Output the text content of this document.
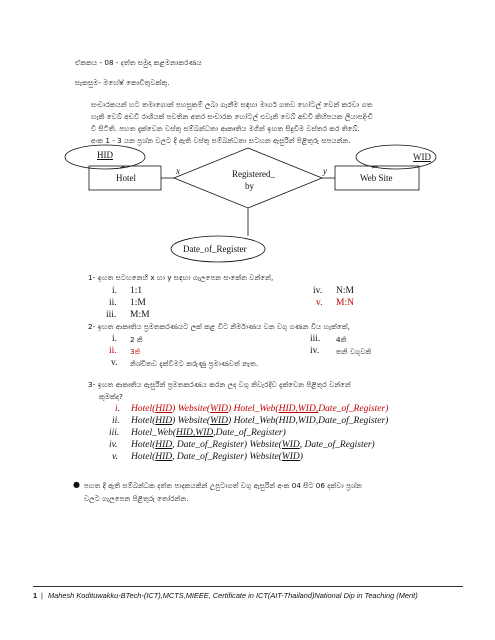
ඒකකය - 08 - දත්ත සමුදා කළමනාකරණය
සැකසුම- මහේෂ් කොඩිතුවක්කු.
සංචාරකයන් හට තමාගොන් පහසුකම් ලබා ගැනීම සඳහා මාර්ග ගතව හෝටල් වෙන් කරවා ගත
හැකි වෙබ් අඩවි රාශියක් පවතින අතර සංචාරක හෝටල් එවැනි වෙබ් අඩවි කිහිපයක ලියාපදිංචි
වී සිටිති. පහත දැක්වෙන වස්තු සම්බන්ධතා ආකෘතිය මගින් ඉහත සිදුවීම වස්තර කර තිබේ.
අංක 1 - 3 යන ප්‍රශ්න වලට දී ඇති වස්තු සම්බන්ධතා සටහන ඇසුරින් පිළිතුරු සපයන්න.
HID	WID
Hotel	Web Site
Registered_
by
x	y
Date_of_Register
1- ඉහත සටහනෙහි x හා y සඳහා ගැලපෙන සංකේත වන්නේ,
i. 1:1
ii. 1:M
iii. M:M
iv. N:M
v. M:N
2- ඉහත ආකෘතිය ප්‍රමතකරණයට ලක් කළ විට නිර්මාණය වන වගු ගණන විය හැක්කේ,
i. 2 කි
ii. 3කි
iii. 4කි
iv. තනි වගුවකි
v. නිශ්චිතව දැක්වීමට කරුණු ප්‍රමාණවත් නැත.
3- ඉහත ආකෘතිය ඇසුරින් ප්‍රමතකරණය කරන ලද වගු නිවැරදිව දැක්වෙන පිළිතුර වන්නේ
කුමක්ද?
i. Hotel(HID) Website(WID) Hotel_Web(HID,WID,Date_of_Register)
ii. Hotel(HID) Website(WID) Hotel_Web(HID,WID,Date_of_Register)
iii. Hotel_Web(HID,WID,Date_of_Register)
iv. Hotel(HID, Date_of_Register) Website(WID, Date_of_Register)
v. Hotel(HID, Date_of_Register) Website(WID)
● පහත දී ඇති සම්බන්ධක දත්ත පාදකයකින් උපුටාගත් වගු ඇසුරින් අංක 04 සිට 06 දක්වා ප්‍රශ්න
වලට ගැලපෙන පිළිතුරු තෝරන්න.
1 | Mahesh Kodituwakku-BTech-(ICT),MCTS,MIEEE, Certificate in ICT(AIT-Thailand)National Dip in Teaching (Merit)
